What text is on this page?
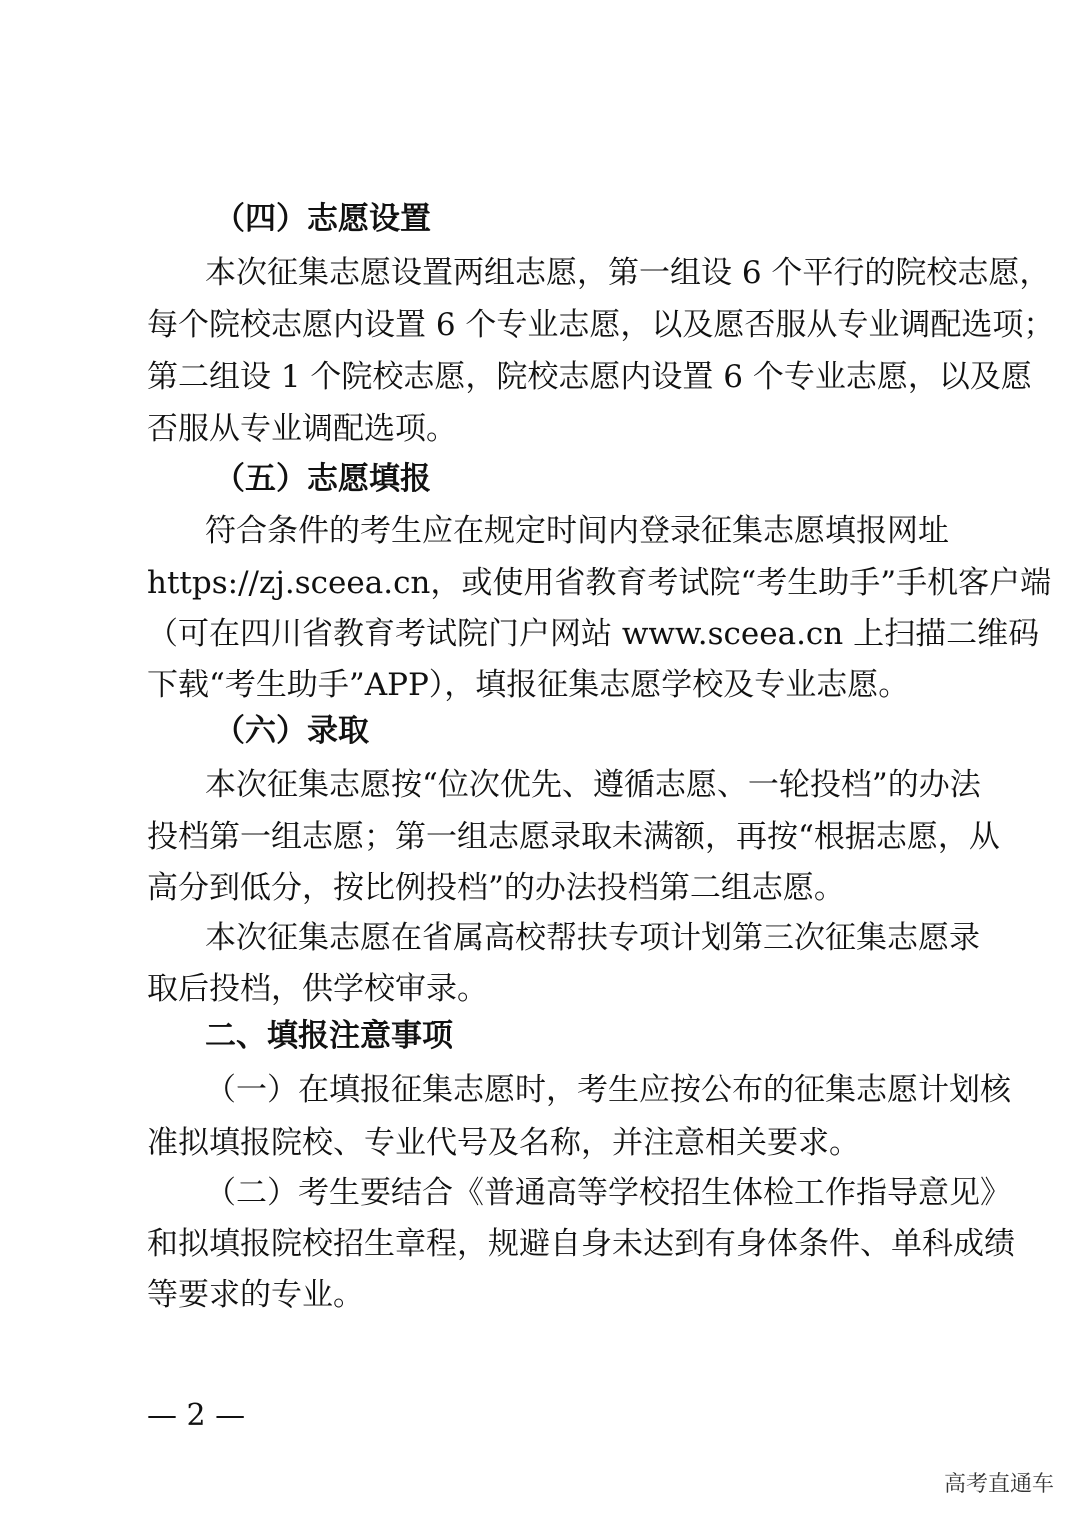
（四）志愿设置

本次征集志愿设置两组志愿，第一组设 6 个平行的院校志愿，

每个院校志愿内设置 6 个专业志愿，以及愿否服从专业调配选项；

第二组设 1 个院校志愿，院校志愿内设置 6 个专业志愿，以及愿

否服从专业调配选项。

（五）志愿填报

符合条件的考生应在规定时间内登录征集志愿填报网址

https://zj.sceea.cn，或使用省教育考试院“考生助手”手机客户端

（可在四川省教育考试院门户网站 www.sceea.cn 上扫描二维码

下载“考生助手”APP），填报征集志愿学校及专业志愿。

（六）录取

本次征集志愿按“位次优先、遵循志愿、一轮投档”的办法

投档第一组志愿；第一组志愿录取未满额，再按“根据志愿，从

高分到低分，按比例投档”的办法投档第二组志愿。

本次征集志愿在省属高校帮扶专项计划第三次征集志愿录

取后投档，供学校审录。

二、填报注意事项

（一）在填报征集志愿时，考生应按公布的征集志愿计划核

准拟填报院校、专业代号及名称，并注意相关要求。

（二）考生要结合《普通高等学校招生体检工作指导意见》

和拟填报院校招生章程，规避自身未达到有身体条件、单科成绩

等要求的专业。

— 2 —
高考直通车
